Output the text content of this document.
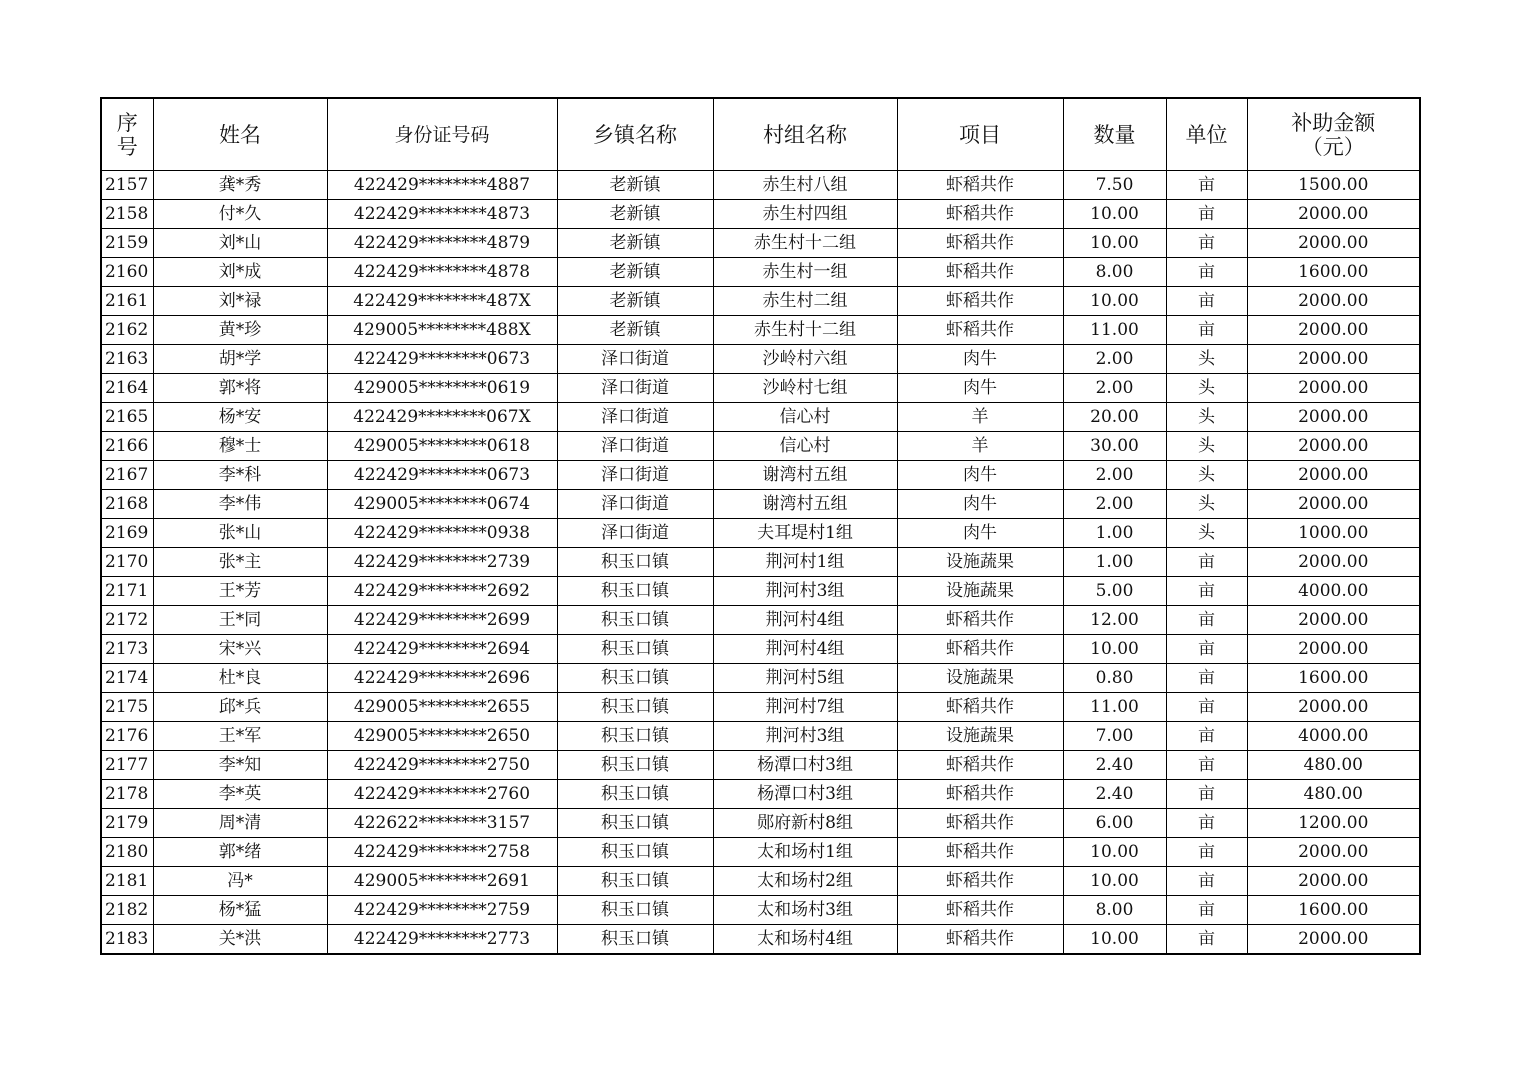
序
号	姓名	身份证号码	乡镇名称	村组名称	项目	数量	单位	补助金额
（元）
2157	龚*秀	422429********4887	老新镇	赤生村八组	虾稻共作	7.50	亩	1500.00
2158	付*久	422429********4873	老新镇	赤生村四组	虾稻共作	10.00	亩	2000.00
2159	刘*山	422429********4879	老新镇	赤生村十二组	虾稻共作	10.00	亩	2000.00
2160	刘*成	422429********4878	老新镇	赤生村一组	虾稻共作	8.00	亩	1600.00
2161	刘*禄	422429********487X	老新镇	赤生村二组	虾稻共作	10.00	亩	2000.00
2162	黄*珍	429005********488X	老新镇	赤生村十二组	虾稻共作	11.00	亩	2000.00
2163	胡*学	422429********0673	泽口街道	沙岭村六组	肉牛	2.00	头	2000.00
2164	郭*将	429005********0619	泽口街道	沙岭村七组	肉牛	2.00	头	2000.00
2165	杨*安	422429********067X	泽口街道	信心村	羊	20.00	头	2000.00
2166	穆*士	429005********0618	泽口街道	信心村	羊	30.00	头	2000.00
2167	李*科	422429********0673	泽口街道	谢湾村五组	肉牛	2.00	头	2000.00
2168	李*伟	429005********0674	泽口街道	谢湾村五组	肉牛	2.00	头	2000.00
2169	张*山	422429********0938	泽口街道	夫耳堤村1组	肉牛	1.00	头	1000.00
2170	张*主	422429********2739	积玉口镇	荆河村1组	设施蔬果	1.00	亩	2000.00
2171	王*芳	422429********2692	积玉口镇	荆河村3组	设施蔬果	5.00	亩	4000.00
2172	王*同	422429********2699	积玉口镇	荆河村4组	虾稻共作	12.00	亩	2000.00
2173	宋*兴	422429********2694	积玉口镇	荆河村4组	虾稻共作	10.00	亩	2000.00
2174	杜*良	422429********2696	积玉口镇	荆河村5组	设施蔬果	0.80	亩	1600.00
2175	邱*兵	429005********2655	积玉口镇	荆河村7组	虾稻共作	11.00	亩	2000.00
2176	王*军	429005********2650	积玉口镇	荆河村3组	设施蔬果	7.00	亩	4000.00
2177	李*知	422429********2750	积玉口镇	杨潭口村3组	虾稻共作	2.40	亩	480.00
2178	李*英	422429********2760	积玉口镇	杨潭口村3组	虾稻共作	2.40	亩	480.00
2179	周*清	422622********3157	积玉口镇	郧府新村8组	虾稻共作	6.00	亩	1200.00
2180	郭*绪	422429********2758	积玉口镇	太和场村1组	虾稻共作	10.00	亩	2000.00
2181	冯*	429005********2691	积玉口镇	太和场村2组	虾稻共作	10.00	亩	2000.00
2182	杨*猛	422429********2759	积玉口镇	太和场村3组	虾稻共作	8.00	亩	1600.00
2183	关*洪	422429********2773	积玉口镇	太和场村4组	虾稻共作	10.00	亩	2000.00
